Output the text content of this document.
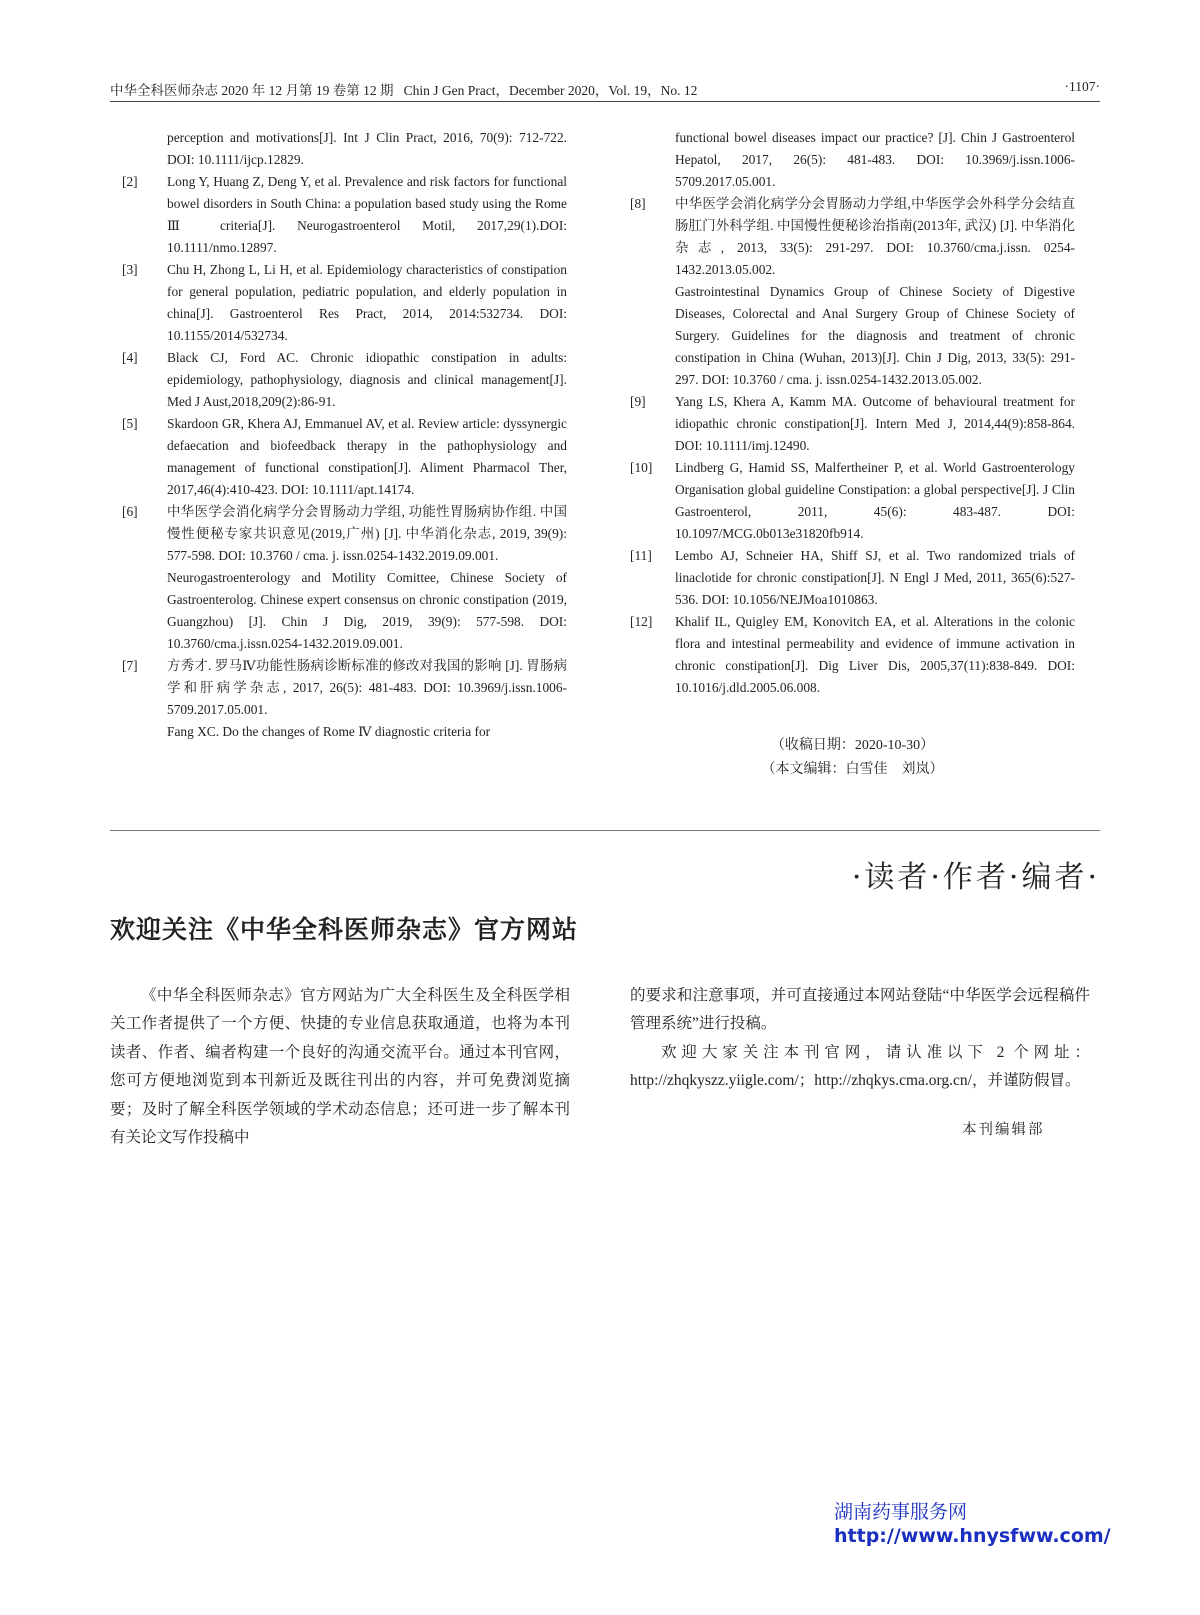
中华全科医师杂志 2020 年 12 月第 19 卷第 12 期 Chin J Gen Pract，December 2020，Vol. 19，No. 12	·1107·
perception and motivations[J]. Int J Clin Pract, 2016, 70(9): 712-722. DOI: 10.1111/ijcp.12829.
[2] Long Y, Huang Z, Deng Y, et al. Prevalence and risk factors for functional bowel disorders in South China: a population based study using the Rome Ⅲ criteria[J]. Neurogastroenterol Motil, 2017,29(1).DOI: 10.1111/nmo.12897.
[3] Chu H, Zhong L, Li H, et al. Epidemiology characteristics of constipation for general population, pediatric population, and elderly population in china[J]. Gastroenterol Res Pract, 2014, 2014:532734. DOI: 10.1155/2014/532734.
[4] Black CJ, Ford AC. Chronic idiopathic constipation in adults: epidemiology, pathophysiology, diagnosis and clinical management[J]. Med J Aust,2018,209(2):86-91.
[5] Skardoon GR, Khera AJ, Emmanuel AV, et al. Review article: dyssynergic defaecation and biofeedback therapy in the pathophysiology and management of functional constipation[J]. Aliment Pharmacol Ther, 2017,46(4):410-423. DOI: 10.1111/apt.14174.
[6] 中华医学会消化病学分会胃肠动力学组, 功能性胃肠病协作组. 中国慢性便秘专家共识意见(2019,广州) [J]. 中华消化杂志, 2019, 39(9): 577-598. DOI: 10.3760 / cma. j. issn.0254-1432.2019.09.001.
Neurogastroenterology and Motility Comittee, Chinese Society of Gastroenterolog. Chinese expert consensus on chronic constipation (2019, Guangzhou) [J]. Chin J Dig, 2019, 39(9): 577-598. DOI: 10.3760/cma.j.issn.0254-1432.2019.09.001.
[7] 方秀才. 罗马Ⅳ功能性肠病诊断标准的修改对我国的影响 [J]. 胃肠病学和肝病学杂志, 2017, 26(5): 481-483. DOI: 10.3969/j.issn.1006-5709.2017.05.001.
Fang XC. Do the changes of Rome Ⅳ diagnostic criteria for
functional bowel diseases impact our practice? [J]. Chin J Gastroenterol Hepatol, 2017, 26(5): 481-483. DOI: 10.3969/j.issn.1006-5709.2017.05.001.
[8] 中华医学会消化病学分会胃肠动力学组,中华医学会外科学分会结直肠肛门外科学组. 中国慢性便秘诊治指南(2013年, 武汉) [J]. 中华消化杂志, 2013, 33(5): 291-297. DOI: 10.3760/cma.j.issn. 0254-1432.2013.05.002.
Gastrointestinal Dynamics Group of Chinese Society of Digestive Diseases, Colorectal and Anal Surgery Group of Chinese Society of Surgery. Guidelines for the diagnosis and treatment of chronic constipation in China (Wuhan, 2013)[J]. Chin J Dig, 2013, 33(5): 291-297. DOI: 10.3760 / cma. j. issn.0254-1432.2013.05.002.
[9] Yang LS, Khera A, Kamm MA. Outcome of behavioural treatment for idiopathic chronic constipation[J]. Intern Med J, 2014,44(9):858-864. DOI: 10.1111/imj.12490.
[10] Lindberg G, Hamid SS, Malfertheiner P, et al. World Gastroenterology Organisation global guideline Constipation: a global perspective[J]. J Clin Gastroenterol, 2011, 45(6): 483-487. DOI: 10.1097/MCG.0b013e31820fb914.
[11] Lembo AJ, Schneier HA, Shiff SJ, et al. Two randomized trials of linaclotide for chronic constipation[J]. N Engl J Med, 2011, 365(6):527-536. DOI: 10.1056/NEJMoa1010863.
[12] Khalif IL, Quigley EM, Konovitch EA, et al. Alterations in the colonic flora and intestinal permeability and evidence of immune activation in chronic constipation[J]. Dig Liver Dis, 2005,37(11):838-849. DOI: 10.1016/j.dld.2005.06.008.
（收稿日期：2020-10-30）
（本文编辑：白雪佳　刘岚）
·读者·作者·编者·
欢迎关注《中华全科医师杂志》官方网站
《中华全科医师杂志》官方网站为广大全科医生及全科医学相关工作者提供了一个方便、快捷的专业信息获取通道，也将为本刊读者、作者、编者构建一个良好的沟通交流平台。通过本刊官网，您可方便地浏览到本刊新近及既往刊出的内容，并可免费浏览摘要；及时了解全科医学领域的学术动态信息；还可进一步了解本刊有关论文写作投稿中
的要求和注意事项，并可直接通过本网站登陆“中华医学会远程稿件管理系统”进行投稿。
欢迎大家关注本刊官网，请认准以下 2 个网址：http://zhqkyszz.yiigle.com/；http://zhqkys.cma.org.cn/，并谨防假冒。
本刊编辑部
湖南药事服务网
http://www.hnysfww.com/
